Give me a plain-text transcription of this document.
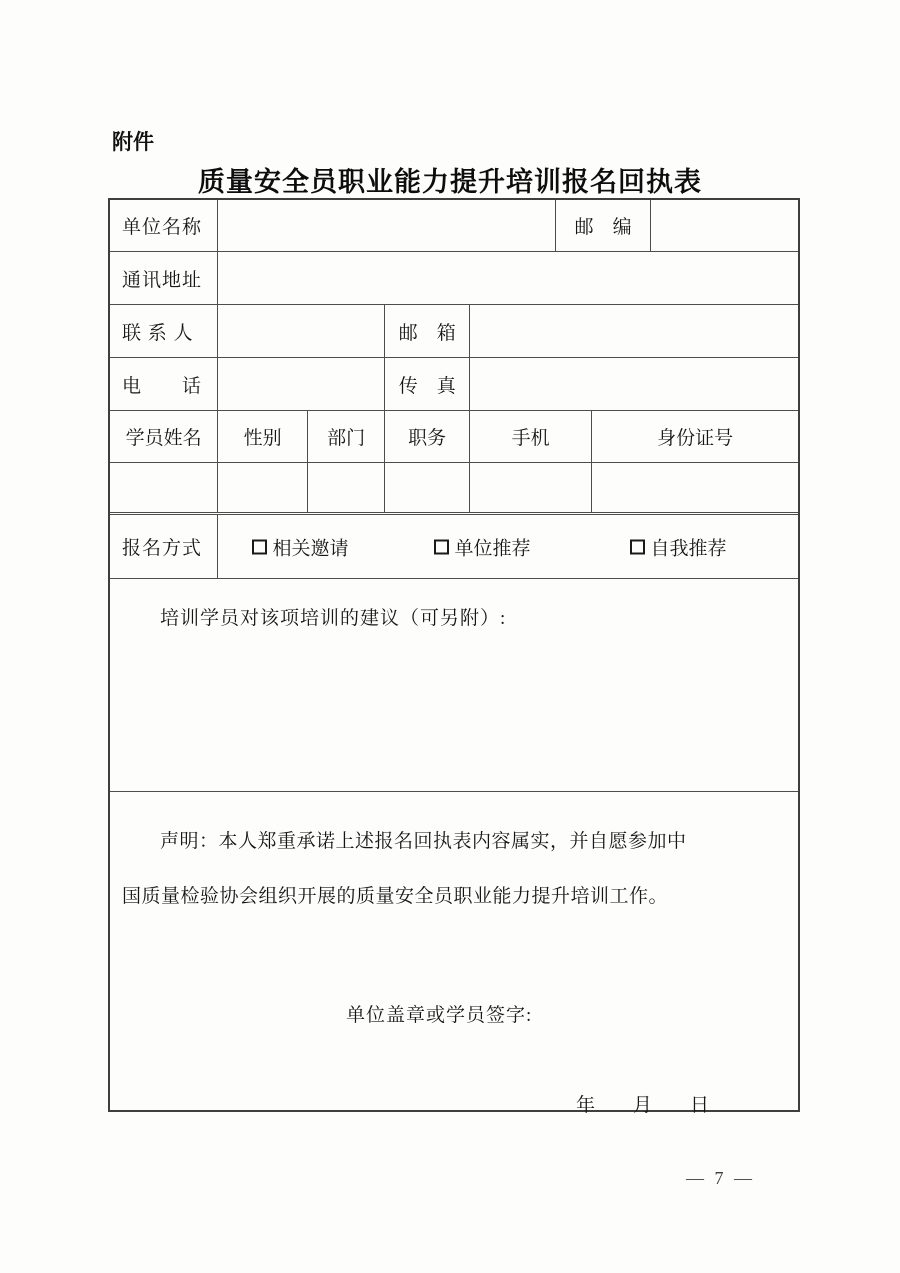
附件
质量安全员职业能力提升培训报名回执表
单位名称	邮　编
通讯地址
联 系 人	邮　箱
电　　话	传　真
学员姓名	性别	部门	职务	手机	身份证号
报名方式	相关邀请	单位推荐	自我推荐

培训学员对该项培训的建议（可另附）:

声明：本人郑重承诺上述报名回执表内容属实，并自愿参加中国质量检验协会组织开展的质量安全员职业能力提升培训工作。

单位盖章或学员签字:
年　　月　　日
— 7 —
